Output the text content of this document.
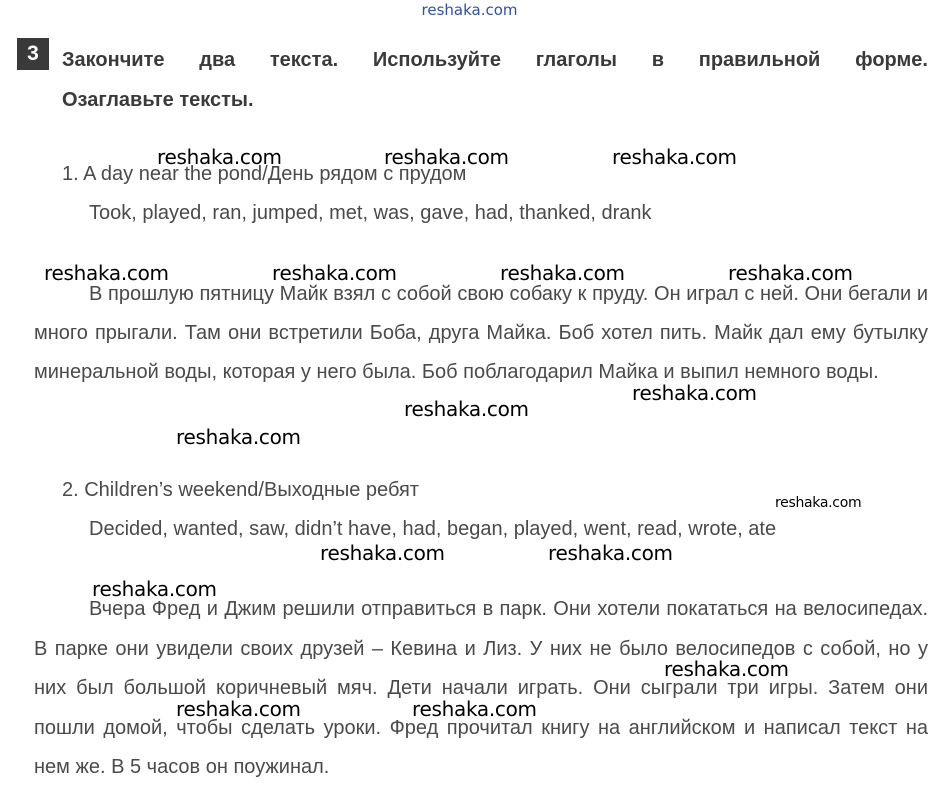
reshaka.com
3	Закончите два текста. Используйте глаголы в правильной форме.
Озаглавьте тексты.
1. A day near the pond/День рядом с прудом
Took, played, ran, jumped, met, was, gave, had, thanked, drank
В прошлую пятницу Майк взял с собой свою собаку к пруду. Он играл с ней. Они бегали и много прыгали. Там они встретили Боба, друга Майка. Боб хотел пить. Майк дал ему бутылку минеральной воды, которая у него была. Боб поблагодарил Майка и выпил немного воды.
2. Children’s weekend/Выходные ребят
Decided, wanted, saw, didn’t have, had, began, played, went, read, wrote, ate
Вчера Фред и Джим решили отправиться в парк. Они хотели покататься на велосипедах. В парке они увидели своих друзей – Кевина и Лиз. У них не было велосипедов с собой, но у них был большой коричневый мяч. Дети начали играть. Они сыграли три игры. Затем они пошли домой, чтобы сделать уроки. Фред прочитал книгу на английском и написал текст на нем же. В 5 часов он поужинал.
reshaka.com	reshaka.com	reshaka.com
reshaka.com	reshaka.com	reshaka.com	reshaka.com
reshaka.com
reshaka.com
reshaka.com
reshaka.com
reshaka.com	reshaka.com
reshaka.com
reshaka.com
reshaka.com	reshaka.com
